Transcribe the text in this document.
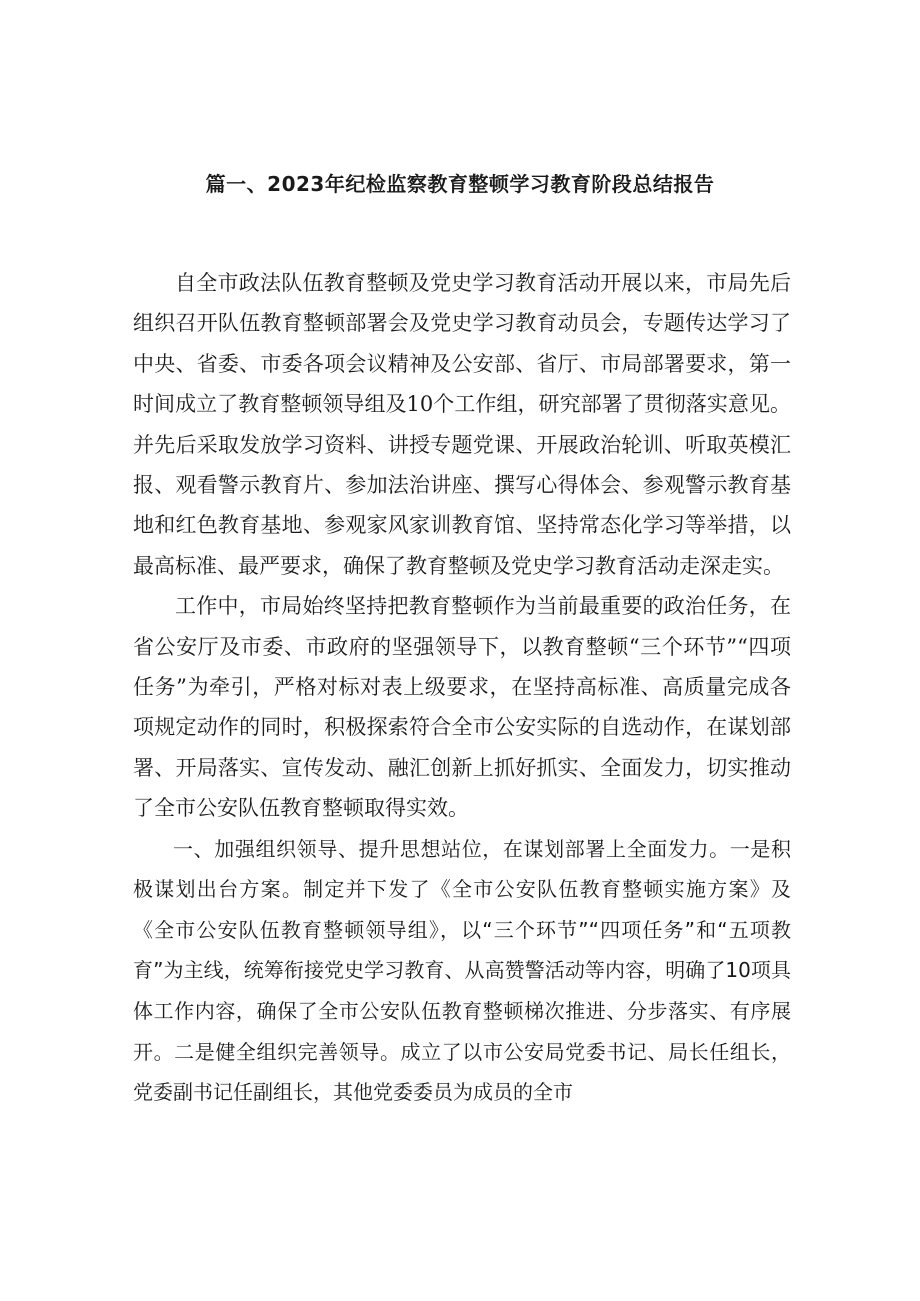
篇一、2023年纪检监察教育整顿学习教育阶段总结报告

自全市政法队伍教育整顿及党史学习教育活动开展以来，市局先后组织召开队伍教育整顿部署会及党史学习教育动员会，专题传达学习了中央、省委、市委各项会议精神及公安部、省厅、市局部署要求，第一时间成立了教育整顿领导组及10个工作组，研究部署了贯彻落实意见。并先后采取发放学习资料、讲授专题党课、开展政治轮训、听取英模汇报、观看警示教育片、参加法治讲座、撰写心得体会、参观警示教育基地和红色教育基地、参观家风家训教育馆、坚持常态化学习等举措，以最高标准、最严要求，确保了教育整顿及党史学习教育活动走深走实。

工作中，市局始终坚持把教育整顿作为当前最重要的政治任务，在省公安厅及市委、市政府的坚强领导下，以教育整顿“三个环节”“四项任务”为牵引，严格对标对表上级要求，在坚持高标准、高质量完成各项规定动作的同时，积极探索符合全市公安实际的自选动作，在谋划部署、开局落实、宣传发动、融汇创新上抓好抓实、全面发力，切实推动了全市公安队伍教育整顿取得实效。

一、加强组织领导、提升思想站位，在谋划部署上全面发力。一是积极谋划出台方案。制定并下发了《全市公安队伍教育整顿实施方案》及《全市公安队伍教育整顿领导组》，以“三个环节”“四项任务”和“五项教育”为主线，统筹衔接党史学习教育、从高赞警活动等内容，明确了10项具体工作内容，确保了全市公安队伍教育整顿梯次推进、分步落实、有序展开。二是健全组织完善领导。成立了以市公安局党委书记、局长任组长，党委副书记任副组长，其他党委委员为成员的全市
